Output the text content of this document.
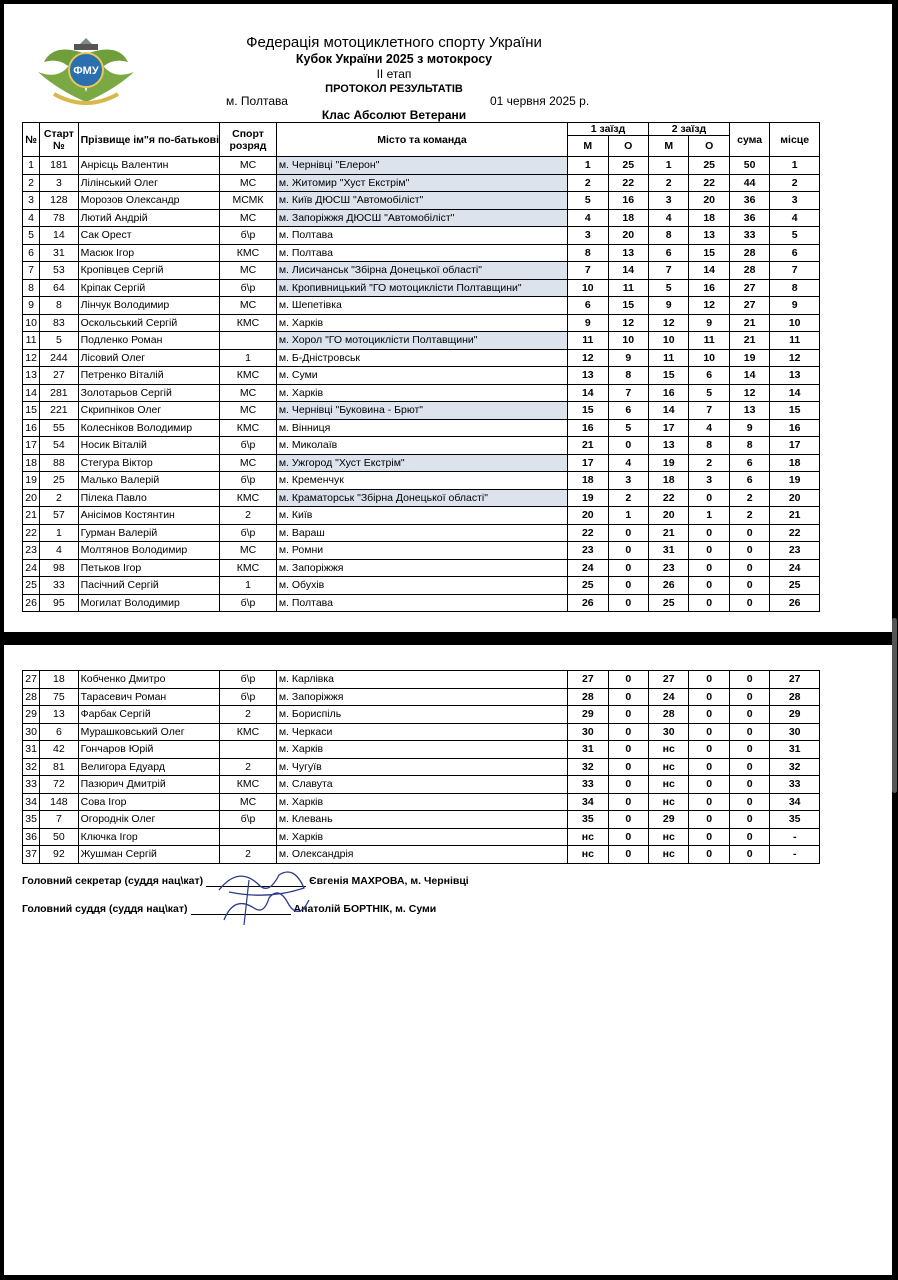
ФМУ
Федерація мотоциклетного спорту України
Кубок України 2025 з мотокросу
ІІ етап
ПРОТОКОЛ РЕЗУЛЬТАТІВ
м. Полтава	01 червня 2025 р.
Клас Абсолют Ветерани
№	Старт №	Прізвище ім"я по-батькові	Спорт розряд	Місто та команда	1 заїзд		2 заїзд		сума	місце
					М	О	М	О		
1	181	Анрієць Валентин	МС	м. Чернівці "Елерон"	1	25	1	25	50	1
2	3	Лілінський Олег	МС	м. Житомир "Хуст Екстрім"	2	22	2	22	44	2
3	128	Морозов Олександр	МСМК	м. Київ ДЮСШ "Автомобіліст"	5	16	3	20	36	3
4	78	Лютий Андрій	МС	м. Запоріжжя ДЮСШ "Автомобіліст"	4	18	4	18	36	4
5	14	Сак Орест	б\р	м. Полтава	3	20	8	13	33	5
6	31	Масюк Ігор	КМС	м. Полтава	8	13	6	15	28	6
7	53	Кропівцев Сергій	МС	м. Лисичанськ "Збірна Донецької області"	7	14	7	14	28	7
8	64	Кріпак Сергій	б\р	м. Кропивницький "ГО мотоциклісти Полтавщини"	10	11	5	16	27	8
9	8	Лінчук Володимир	МС	м. Шепетівка	6	15	9	12	27	9
10	83	Оскольський Сергій	КМС	м. Харків	9	12	12	9	21	10
11	5	Подленко Роман		м. Хорол "ГО мотоциклісти Полтавщини"	11	10	10	11	21	11
12	244	Лісовий Олег	1	м. Б-Дністровськ	12	9	11	10	19	12
13	27	Петренко Віталій	КМС	м. Суми	13	8	15	6	14	13
14	281	Золотарьов Сергій	МС	м. Харків	14	7	16	5	12	14
15	221	Скрипніков Олег	МС	м. Чернівці "Буковина - Брют"	15	6	14	7	13	15
16	55	Колесніков Володимир	КМС	м. Вінниця	16	5	17	4	9	16
17	54	Носик Віталій	б\р	м. Миколаїв	21	0	13	8	8	17
18	88	Стегура Віктор	МС	м. Ужгород "Хуст Екстрім"	17	4	19	2	6	18
19	25	Малько Валерій	б\р	м. Кременчук	18	3	18	3	6	19
20	2	Пілека Павло	КМС	м. Краматорськ "Збірна Донецької області"	19	2	22	0	2	20
21	57	Анісімов Костянтин	2	м. Київ	20	1	20	1	2	21
22	1	Гурман Валерій	б\р	м. Вараш	22	0	21	0	0	22
23	4	Молтянов Володимир	МС	м. Ромни	23	0	31	0	0	23
24	98	Петьков Ігор	КМС	м. Запоріжжя	24	0	23	0	0	24
25	33	Пасічний Сергій	1	м. Обухів	25	0	26	0	0	25
26	95	Могилат Володимир	б\р	м. Полтава	26	0	25	0	0	26
27	18	Кобченко Дмитро	б\р	м. Карлівка	27	0	27	0	0	27
28	75	Тарасевич Роман	б\р	м. Запоріжжя	28	0	24	0	0	28
29	13	Фарбак Сергій	2	м. Бориспіль	29	0	28	0	0	29
30	6	Мурашковський Олег	КМС	м. Черкаси	30	0	30	0	0	30
31	42	Гончаров Юрій		м. Харків	31	0	нс	0	0	31
32	81	Велигора Едуард	2	м. Чугуїв	32	0	нс	0	0	32
33	72	Пазюрич Дмитрій	КМС	м. Славута	33	0	нс	0	0	33
34	148	Сова Ігор	МС	м. Харків	34	0	нс	0	0	34
35	7	Огороднік Олег	б\р	м. Клевань	35	0	29	0	0	35
36	50	Ключка Ігор		м. Харків	нс	0	нс	0	0	-
37	92	Жушман Сергій	2	м. Олександрія	нс	0	нс	0	0	-
Головний секретар (суддя нац\кат)	Євгенія МАХРОВА, м. Чернівці
Головний суддя (суддя нац\кат)	Анатолій БОРТНІК, м. Суми
